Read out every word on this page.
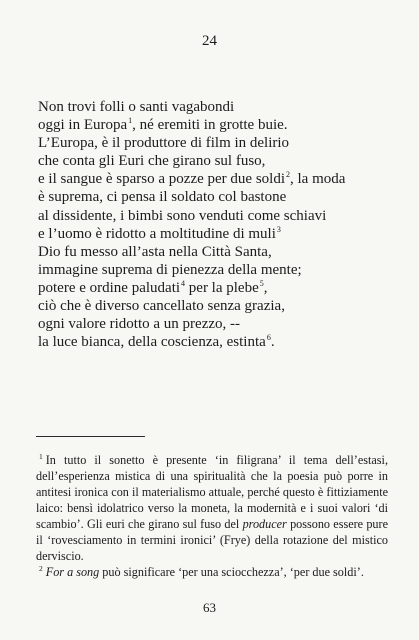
24
Non trovi folli o santi vagabondi
oggi in Europa$^1$, né eremiti in grotte buie.
L’Europa, è il produttore di film in delirio
che conta gli Euri che girano sul fuso,
e il sangue è sparso a pozze per due soldi$^2$, la moda
è suprema, ci pensa il soldato col bastone
al dissidente, i bimbi sono venduti come schiavi
e l’uomo è ridotto a moltitudine di muli$^3$
Dio fu messo all’asta nella Città Santa,
immagine suprema di pienezza della mente;
potere e ordine paludati$^4$ per la plebe$^5$,
ciò che è diverso cancellato senza grazia,
ogni valore ridotto a un prezzo, --
la luce bianca, della coscienza, estinta$^6$.

$^1$ In tutto il sonetto è presente ‘in filigrana’ il tema dell’estasi, dell’esperienza mistica di una spiritualità che la poesia può porre in antitesi ironica con il materialismo attuale, perché questo è fittiziamente laico: bensì idolatrico verso la moneta, la modernità e i suoi valori ‘di scambio’. Gli euri che girano sul fuso del producer possono essere pure il ‘rovesciamento in termini ironici’ (Frye) della rotazione del mistico derviscio.

$^2$ For a song può significare ‘per una sciocchezza’, ‘per due soldi’.

63
